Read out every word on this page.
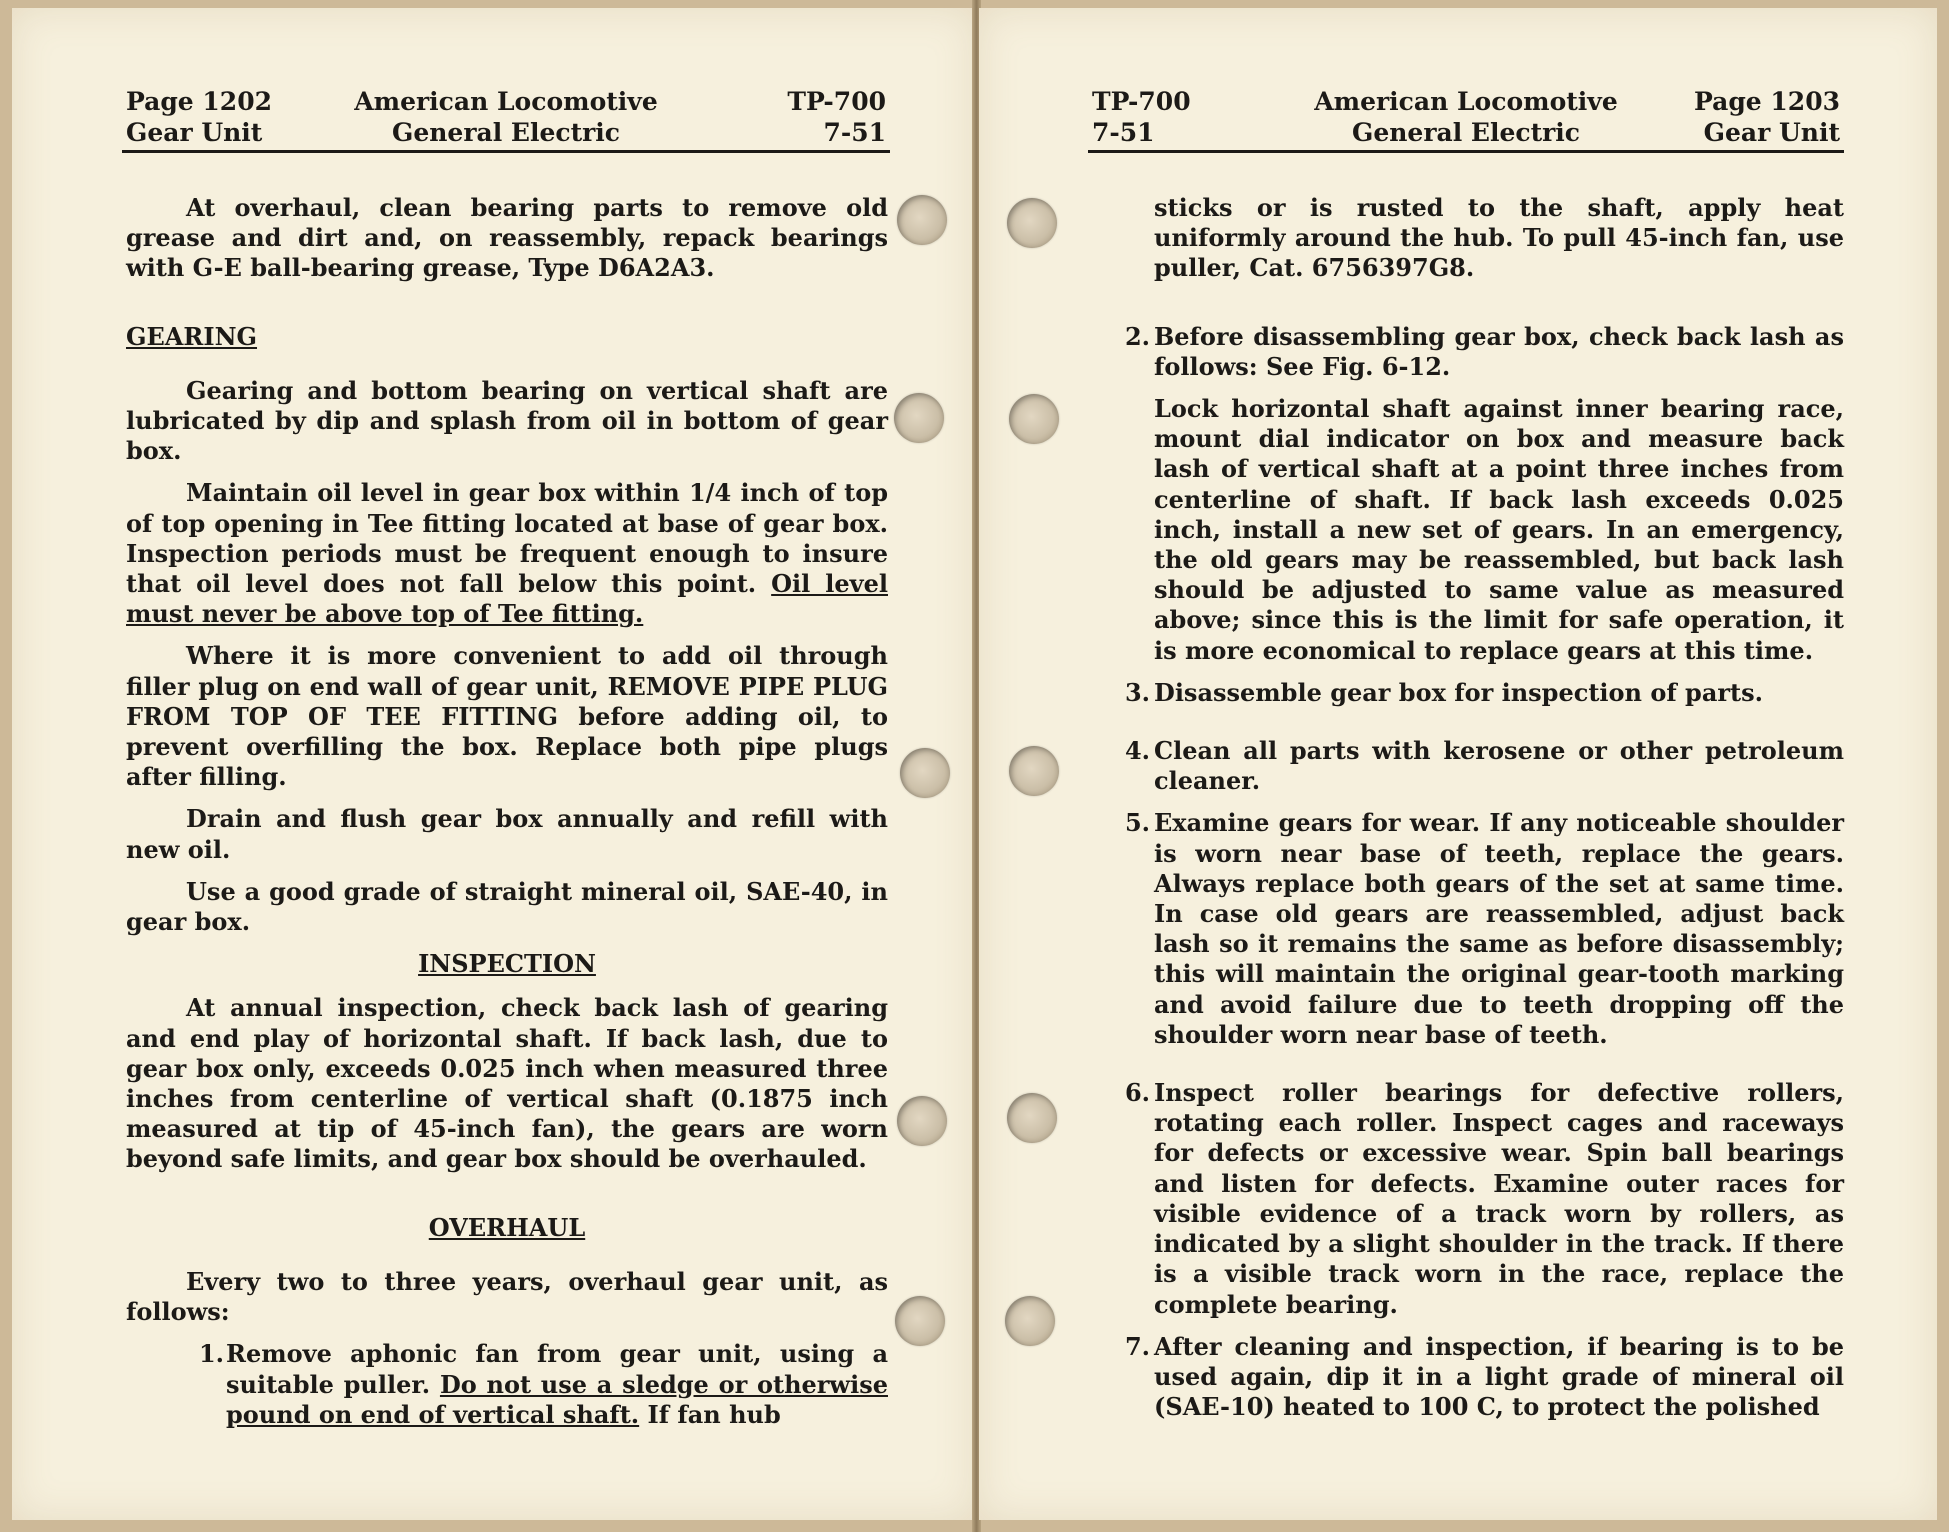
Page 1202
Gear Unit
American Locomotive
General Electric
TP-700
7-51

At overhaul, clean bearing parts to remove old grease and dirt and, on reassembly, repack bearings with G-E ball-bearing grease, Type D6A2A3.

GEARING

Gearing and bottom bearing on vertical shaft are lubricated by dip and splash from oil in bottom of gear box.

Maintain oil level in gear box within 1/4 inch of top of top opening in Tee fitting located at base of gear box. Inspection periods must be frequent enough to insure that oil level does not fall below this point. Oil level must never be above top of Tee fitting.

Where it is more convenient to add oil through filler plug on end wall of gear unit, REMOVE PIPE PLUG FROM TOP OF TEE FITTING before adding oil, to prevent overfilling the box. Replace both pipe plugs after filling.

Drain and flush gear box annually and refill with new oil.

Use a good grade of straight mineral oil, SAE-40, in gear box.

INSPECTION

At annual inspection, check back lash of gearing and end play of horizontal shaft. If back lash, due to gear box only, exceeds 0.025 inch when measured three inches from centerline of vertical shaft (0.1875 inch measured at tip of 45-inch fan), the gears are worn beyond safe limits, and gear box should be overhauled.

OVERHAUL

Every two to three years, overhaul gear unit, as follows:

1. Remove aphonic fan from gear unit, using a suitable puller. Do not use a sledge or otherwise pound on end of vertical shaft. If fan hub
TP-700
7-51
American Locomotive
General Electric
Page 1203
Gear Unit
sticks or is rusted to the shaft, apply heat uniformly around the hub. To pull 45-inch fan, use puller, Cat. 6756397G8.
2. Before disassembling gear box, check back lash as follows: See Fig. 6-12.
Lock horizontal shaft against inner bearing race, mount dial indicator on box and measure back lash of vertical shaft at a point three inches from centerline of shaft. If back lash exceeds 0.025 inch, install a new set of gears. In an emergency, the old gears may be reassembled, but back lash should be adjusted to same value as measured above; since this is the limit for safe operation, it is more economical to replace gears at this time.
3. Disassemble gear box for inspection of parts.
4. Clean all parts with kerosene or other petroleum cleaner.
5. Examine gears for wear. If any noticeable shoulder is worn near base of teeth, replace the gears. Always replace both gears of the set at same time. In case old gears are reassembled, adjust back lash so it remains the same as before disassembly; this will maintain the original gear-tooth marking and avoid failure due to teeth dropping off the shoulder worn near base of teeth.
6. Inspect roller bearings for defective rollers, rotating each roller. Inspect cages and raceways for defects or excessive wear. Spin ball bearings and listen for defects. Examine outer races for visible evidence of a track worn by rollers, as indicated by a slight shoulder in the track. If there is a visible track worn in the race, replace the complete bearing.
7. After cleaning and inspection, if bearing is to be used again, dip it in a light grade of mineral oil (SAE-10) heated to 100 C, to protect the polished
